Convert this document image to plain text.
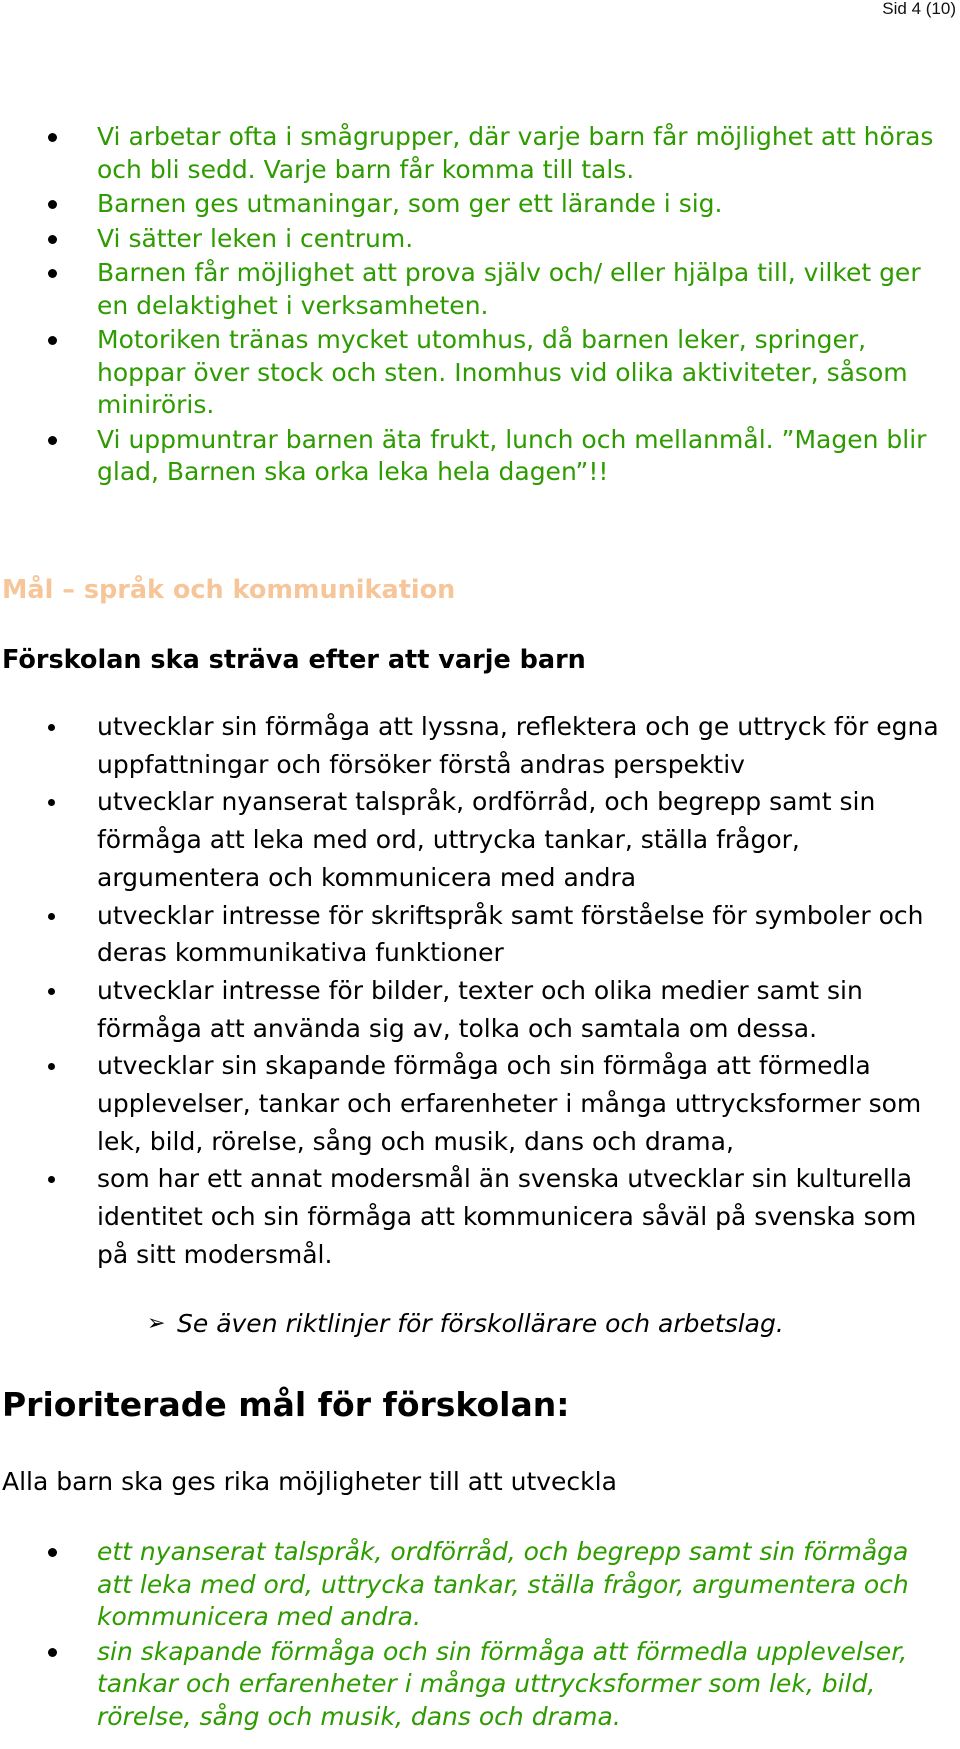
Sid 4 (10)
Vi arbetar ofta i smågrupper, där varje barn får möjlighet att höras och bli sedd. Varje barn får komma till tals.
Barnen ges utmaningar, som ger ett lärande i sig.
Vi sätter leken i centrum.
Barnen får möjlighet att prova själv och/ eller hjälpa till, vilket ger en delaktighet i verksamheten.
Motoriken tränas mycket utomhus, då barnen leker, springer, hoppar över stock och sten. Inomhus vid olika aktiviteter, såsom miniröris.
Vi uppmuntrar barnen äta frukt, lunch och mellanmål. ”Magen blir glad, Barnen ska orka leka hela dagen”!!
Mål – språk och kommunikation
Förskolan ska sträva efter att varje barn
utvecklar sin förmåga att lyssna, reflektera och ge uttryck för egna uppfattningar och försöker förstå andras perspektiv
utvecklar nyanserat talspråk, ordförråd, och begrepp samt sin förmåga att leka med ord, uttrycka tankar, ställa frågor, argumentera och kommunicera med andra
utvecklar intresse för skriftspråk samt förståelse för symboler och deras kommunikativa funktioner
utvecklar intresse för bilder, texter och olika medier samt sin förmåga att använda sig av, tolka och samtala om dessa.
utvecklar sin skapande förmåga och sin förmåga att förmedla upplevelser, tankar och erfarenheter i många uttrycksformer som lek, bild, rörelse, sång och musik, dans och drama,
som har ett annat modersmål än svenska utvecklar sin kulturella identitet och sin förmåga att kommunicera såväl på svenska som på sitt modersmål.
➢ Se även riktlinjer för förskollärare och arbetslag.
Prioriterade mål för förskolan:
Alla barn ska ges rika möjligheter till att utveckla
ett nyanserat talspråk, ordförråd, och begrepp samt sin förmåga att leka med ord, uttrycka tankar, ställa frågor, argumentera och kommunicera med andra.
sin skapande förmåga och sin förmåga att förmedla upplevelser, tankar och erfarenheter i många uttrycksformer som lek, bild, rörelse, sång och musik, dans och drama.
